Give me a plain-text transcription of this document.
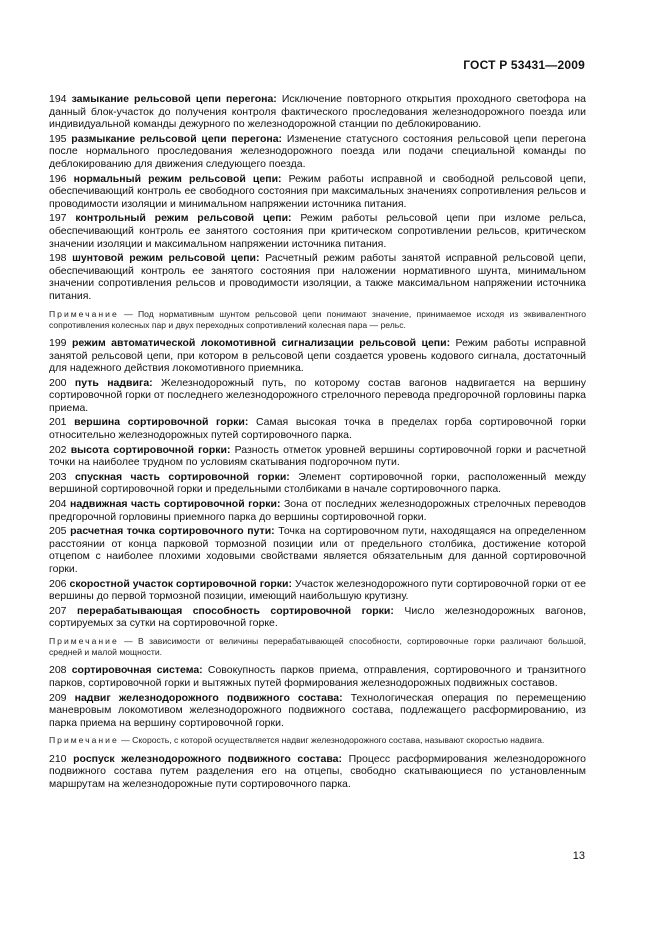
ГОСТ Р 53431—2009

194 замыкание рельсовой цепи перегона: Исключение повторного открытия проходного светофора на данный блок-участок до получения контроля фактического проследования железнодорожного поезда или индивидуальной команды дежурного по железнодорожной станции по деблокированию.

195 размыкание рельсовой цепи перегона: Изменение статусного состояния рельсовой цепи перегона после нормального проследования железнодорожного поезда или подачи специальной команды по деблокированию для движения следующего поезда.

196 нормальный режим рельсовой цепи: Режим работы исправной и свободной рельсовой цепи, обеспечивающий контроль ее свободного состояния при максимальных значениях сопротивления рельсов и проводимости изоляции и минимальном напряжении источника питания.

197 контрольный режим рельсовой цепи: Режим работы рельсовой цепи при изломе рельса, обеспечивающий контроль ее занятого состояния при критическом сопротивлении рельсов, критическом значении изоляции и максимальном напряжении источника питания.

198 шунтовой режим рельсовой цепи: Расчетный режим работы занятой исправной рельсовой цепи, обеспечивающий контроль ее занятого состояния при наложении нормативного шунта, минимальном значении сопротивления рельсов и проводимости изоляции, а также максимальном напряжении источника питания.

Примечание — Под нормативным шунтом рельсовой цепи понимают значение, принимаемое исходя из эквивалентного сопротивления колесных пар и двух переходных сопротивлений колесная пара — рельс.

199 режим автоматической локомотивной сигнализации рельсовой цепи: Режим работы исправной занятой рельсовой цепи, при котором в рельсовой цепи создается уровень кодового сигнала, достаточный для надежного действия локомотивного приемника.

200 путь надвига: Железнодорожный путь, по которому состав вагонов надвигается на вершину сортировочной горки от последнего железнодорожного стрелочного перевода предгорочной горловины парка приема.

201 вершина сортировочной горки: Самая высокая точка в пределах горба сортировочной горки относительно железнодорожных путей сортировочного парка.

202 высота сортировочной горки: Разность отметок уровней вершины сортировочной горки и расчетной точки на наиболее трудном по условиям скатывания подгорочном пути.

203 спускная часть сортировочной горки: Элемент сортировочной горки, расположенный между вершиной сортировочной горки и предельными столбиками в начале сортировочного парка.

204 надвижная часть сортировочной горки: Зона от последних железнодорожных стрелочных переводов предгорочной горловины приемного парка до вершины сортировочной горки.

205 расчетная точка сортировочного пути: Точка на сортировочном пути, находящаяся на определенном расстоянии от конца парковой тормозной позиции или от предельного столбика, достижение которой отцепом с наиболее плохими ходовыми свойствами является обязательным для данной сортировочной горки.

206 скоростной участок сортировочной горки: Участок железнодорожного пути сортировочной горки от ее вершины до первой тормозной позиции, имеющий наибольшую крутизну.

207 перерабатывающая способность сортировочной горки: Число железнодорожных вагонов, сортируемых за сутки на сортировочной горке.

Примечание — В зависимости от величины перерабатывающей способности, сортировочные горки различают большой, средней и малой мощности.

208 сортировочная система: Совокупность парков приема, отправления, сортировочного и транзитного парков, сортировочной горки и вытяжных путей формирования железнодорожных подвижных составов.

209 надвиг железнодорожного подвижного состава: Технологическая операция по перемещению маневровым локомотивом железнодорожного подвижного состава, подлежащего расформированию, из парка приема на вершину сортировочной горки.

Примечание — Скорость, с которой осуществляется надвиг железнодорожного состава, называют скоростью надвига.

210 роспуск железнодорожного подвижного состава: Процесс расформирования железнодорожного подвижного состава путем разделения его на отцепы, свободно скатывающиеся по установленным маршрутам на железнодорожные пути сортировочного парка.

13
